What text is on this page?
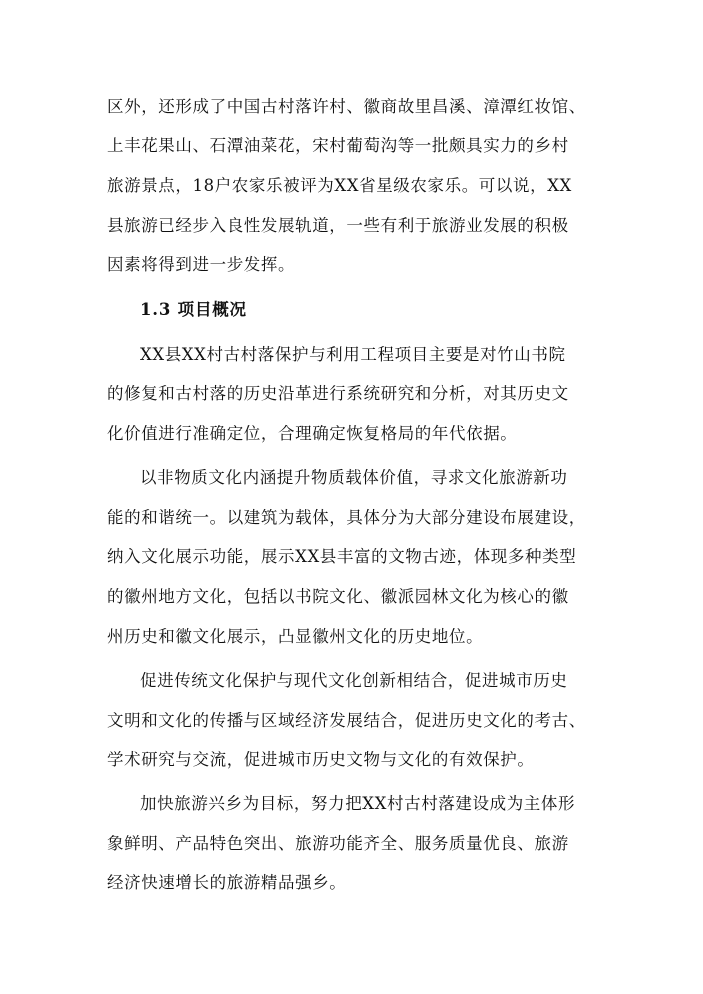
区外，还形成了中国古村落许村、徽商故里昌溪、漳潭红妆馆、
上丰花果山、石潭油菜花，宋村葡萄沟等一批颇具实力的乡村
旅游景点，18户农家乐被评为XX省星级农家乐。可以说，XX
县旅游已经步入良性发展轨道，一些有利于旅游业发展的积极
因素将得到进一步发挥。
1.3 项目概况
XX县XX村古村落保护与利用工程项目主要是对竹山书院
的修复和古村落的历史沿革进行系统研究和分析，对其历史文
化价值进行准确定位，合理确定恢复格局的年代依据。
以非物质文化内涵提升物质载体价值，寻求文化旅游新功
能的和谐统一。以建筑为载体，具体分为大部分建设布展建设，
纳入文化展示功能，展示XX县丰富的文物古迹，体现多种类型
的徽州地方文化，包括以书院文化、徽派园林文化为核心的徽
州历史和徽文化展示，凸显徽州文化的历史地位。
促进传统文化保护与现代文化创新相结合，促进城市历史
文明和文化的传播与区域经济发展结合，促进历史文化的考古、
学术研究与交流，促进城市历史文物与文化的有效保护。
加快旅游兴乡为目标，努力把XX村古村落建设成为主体形
象鲜明、产品特色突出、旅游功能齐全、服务质量优良、旅游
经济快速增长的旅游精品强乡。
